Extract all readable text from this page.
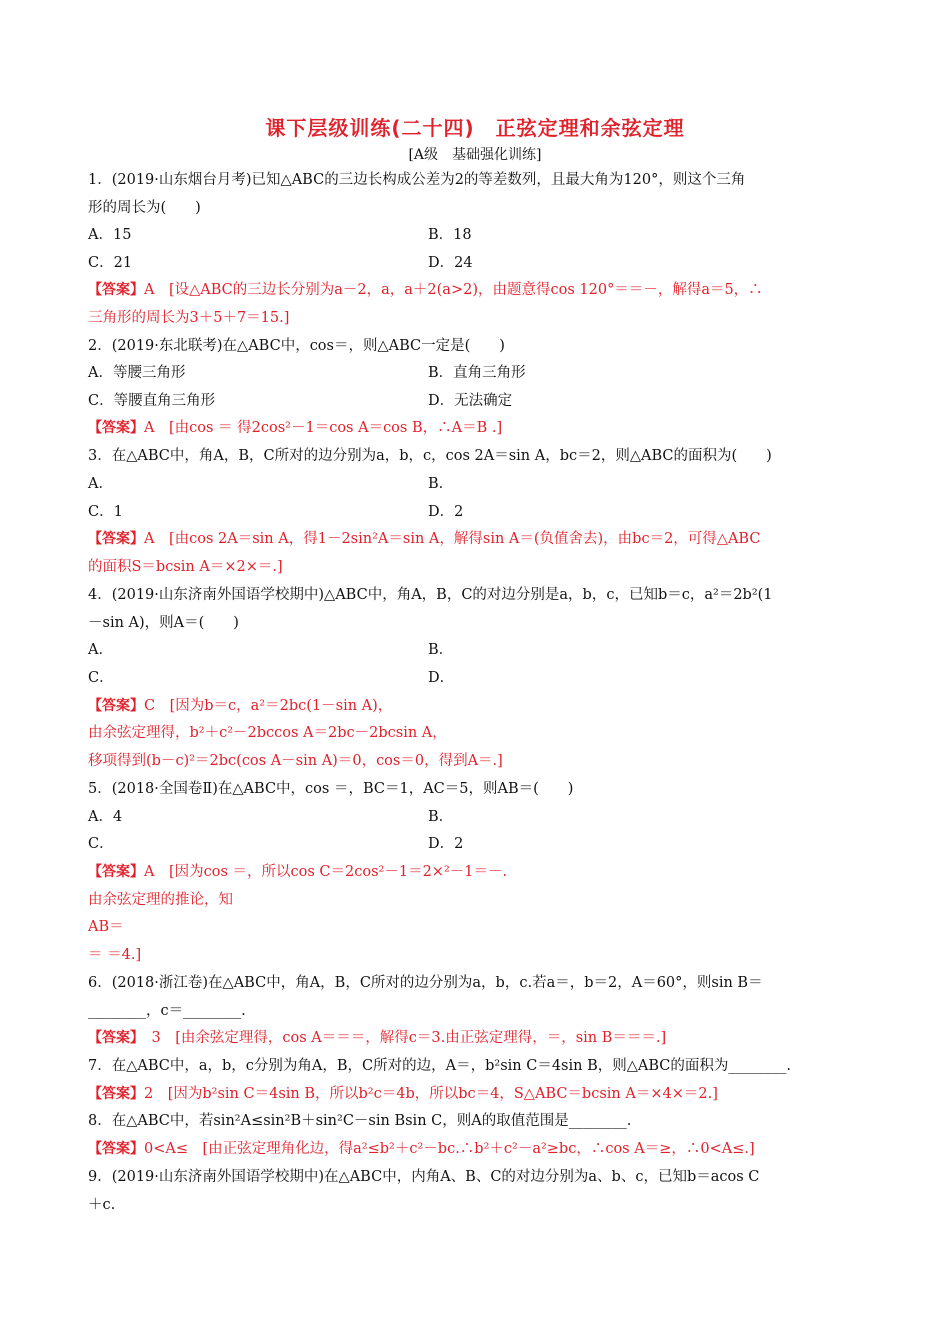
课下层级训练(二十四)　正弦定理和余弦定理
[A级　基础强化训练]
1．(2019·山东烟台月考)已知△ABC的三边长构成公差为2的等差数列，且最大角为120°，则这个三角
形的周长为(　　)
A．15	B．18
C．21	D．24
【答案】A　[设△ABC的三边长分别为a－2，a，a＋2(a>2)，由题意得cos 120°＝＝－，解得a＝5，∴
三角形的周长为3＋5＋7＝15.]
2．(2019·东北联考)在△ABC中，cos＝，则△ABC一定是(　　)
A．等腰三角形	B．直角三角形
C．等腰直角三角形	D．无法确定
【答案】A　[由cos ＝ 得2cos²－1＝cos A＝cos B，∴A＝B .]
3．在△ABC中，角A，B，C所对的边分别为a，b，c，cos 2A＝sin A，bc＝2，则△ABC的面积为(　　)
A．	B．
C．1	D．2
【答案】A　[由cos 2A＝sin A，得1－2sin²A＝sin A，解得sin A＝(负值舍去)，由bc＝2，可得△ABC
的面积S＝bcsin A＝×2×＝.]
4．(2019·山东济南外国语学校期中)△ABC中，角A，B，C的对边分别是a，b，c，已知b＝c，a²＝2b²(1
－sin A)，则A＝(　　)
A．	B．
C．	D．
【答案】C　[因为b＝c，a²＝2bc(1－sin A)，
由余弦定理得，b²＋c²－2bccos A＝2bc－2bcsin A，
移项得到(b－c)²＝2bc(cos A－sin A)＝0，cos＝0，得到A＝.]
5．(2018·全国卷Ⅱ)在△ABC中，cos ＝，BC＝1，AC＝5，则AB＝(　　)
A．4	B．
C．	D．2
【答案】A　[因为cos ＝，所以cos C＝2cos²－1＝2×²－1＝－.
由余弦定理的推论，知
AB＝
＝ ＝4.]
6．(2018·浙江卷)在△ABC中，角A，B，C所对的边分别为a，b，c.若a＝，b＝2，A＝60°，则sin B＝
________，c＝________.
【答案】　3　[由余弦定理得，cos A＝＝＝，解得c＝3.由正弦定理得，＝，sin B＝＝＝.]
7．在△ABC中，a，b，c分别为角A，B，C所对的边，A＝，b²sin C＝4sin B，则△ABC的面积为________.
【答案】2　[因为b²sin C＝4sin B，所以b²c＝4b，所以bc＝4，S△ABC＝bcsin A＝×4×＝2.]
8．在△ABC中，若sin²A≤sin²B＋sin²C－sin Bsin C，则A的取值范围是________.
【答案】0<A≤　[由正弦定理角化边，得a²≤b²＋c²－bc.∴b²＋c²－a²≥bc，∴cos A＝≥，∴0<A≤.]
9．(2019·山东济南外国语学校期中)在△ABC中，内角A、B、C的对边分别为a、b、c，已知b＝acos C
＋c.
